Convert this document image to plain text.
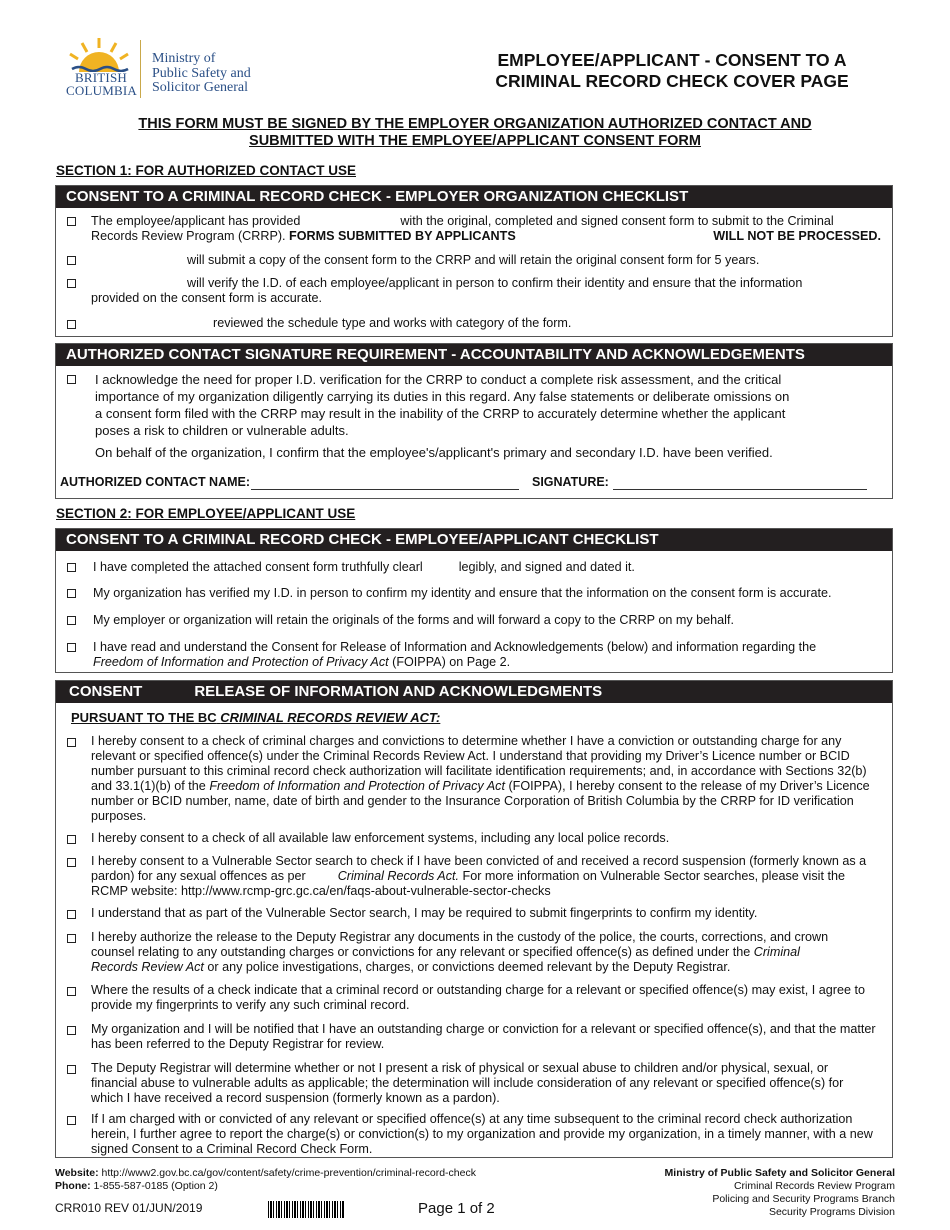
BRITISH
COLUMBIA
Ministry of
Public Safety and
Solicitor General
EMPLOYEE/APPLICANT - CONSENT TO A
CRIMINAL RECORD CHECK COVER PAGE
THIS FORM MUST BE SIGNED BY THE EMPLOYER ORGANIZATION AUTHORIZED CONTACT AND
SUBMITTED WITH THE EMPLOYEE/APPLICANT CONSENT FORM
SECTION 1: FOR AUTHORIZED CONTACT USE
CONSENT TO A CRIMINAL RECORD CHECK - EMPLOYER ORGANIZATION CHECKLIST
The employee/applicant has provided	with the original, completed and signed consent form to submit to the Criminal
Records Review Program (CRRP). FORMS SUBMITTED BY APPLICANTS	WILL NOT BE PROCESSED.
will submit a copy of the consent form to the CRRP and will retain the original consent form for 5 years.
will verify the I.D. of each employee/applicant in person to confirm their identity and ensure that the information
provided on the consent form is accurate.
reviewed the schedule type and works with category of the form.
AUTHORIZED CONTACT SIGNATURE REQUIREMENT - ACCOUNTABILITY AND ACKNOWLEDGEMENTS
I acknowledge the need for proper I.D. verification for the CRRP to conduct a complete risk assessment, and the critical
importance of my organization diligently carrying its duties in this regard. Any false statements or deliberate omissions on
a consent form filed with the CRRP may result in the inability of the CRRP to accurately determine whether the applicant
poses a risk to children or vulnerable adults.
On behalf of the organization, I confirm that the employee's/applicant's primary and secondary I.D. have been verified.
AUTHORIZED CONTACT NAME:	SIGNATURE:
SECTION 2: FOR EMPLOYEE/APPLICANT USE
CONSENT TO A CRIMINAL RECORD CHECK - EMPLOYEE/APPLICANT CHECKLIST
I have completed the attached consent form truthfully clearl	legibly, and signed and dated it.
My organization has verified my I.D. in person to confirm my identity and ensure that the information on the consent form is accurate.
My employer or organization will retain the originals of the forms and will forward a copy to the CRRP on my behalf.
I have read and understand the Consent for Release of Information and Acknowledgements (below) and information regarding the
Freedom of Information and Protection of Privacy Act (FOIPPA) on Page 2.
CONSENT	RELEASE OF INFORMATION AND ACKNOWLEDGMENTS
PURSUANT TO THE BC CRIMINAL RECORDS REVIEW ACT:
I hereby consent to a check of criminal charges and convictions to determine whether I have a conviction or outstanding charge for any
relevant or specified offence(s) under the Criminal Records Review Act. I understand that providing my Driver’s Licence number or BCID
number pursuant to this criminal record check authorization will facilitate identification requirements; and, in accordance with Sections 32(b)
and 33.1(1)(b) of the Freedom of Information and Protection of Privacy Act (FOIPPA), I hereby consent to the release of my Driver’s Licence
number or BCID number, name, date of birth and gender to the Insurance Corporation of British Columbia by the CRRP for ID verification
purposes.
I hereby consent to a check of all available law enforcement systems, including any local police records.
I hereby consent to a Vulnerable Sector search to check if I have been convicted of and received a record suspension (formerly known as a
pardon) for any sexual offences as per	Criminal Records Act. For more information on Vulnerable Sector searches, please visit the
RCMP website: http://www.rcmp-grc.gc.ca/en/faqs-about-vulnerable-sector-checks
I understand that as part of the Vulnerable Sector search, I may be required to submit fingerprints to confirm my identity.
I hereby authorize the release to the Deputy Registrar any documents in the custody of the police, the courts, corrections, and crown
counsel relating to any outstanding charges or convictions for any relevant or specified offence(s) as defined under the Criminal
Records Review Act or any police investigations, charges, or convictions deemed relevant by the Deputy Registrar.
Where the results of a check indicate that a criminal record or outstanding charge for a relevant or specified offence(s) may exist, I agree to
provide my fingerprints to verify any such criminal record.
My organization and I will be notified that I have an outstanding charge or conviction for a relevant or specified offence(s), and that the matter
has been referred to the Deputy Registrar for review.
The Deputy Registrar will determine whether or not I present a risk of physical or sexual abuse to children and/or physical, sexual, or
financial abuse to vulnerable adults as applicable; the determination will include consideration of any relevant or specified offence(s) for
which I have received a record suspension (formerly known as a pardon).
If I am charged with or convicted of any relevant or specified offence(s) at any time subsequent to the criminal record check authorization
herein, I further agree to report the charge(s) or conviction(s) to my organization and provide my organization, in a timely manner, with a new
signed Consent to a Criminal Record Check Form.
Website: http://www2.gov.bc.ca/gov/content/safety/crime-prevention/criminal-record-check
Phone: 1-855-587-0185 (Option 2)
CRR010 REV 01/JUN/2019	Page 1 of 2
Ministry of Public Safety and Solicitor General
Criminal Records Review Program
Policing and Security Programs Branch
Security Programs Division
